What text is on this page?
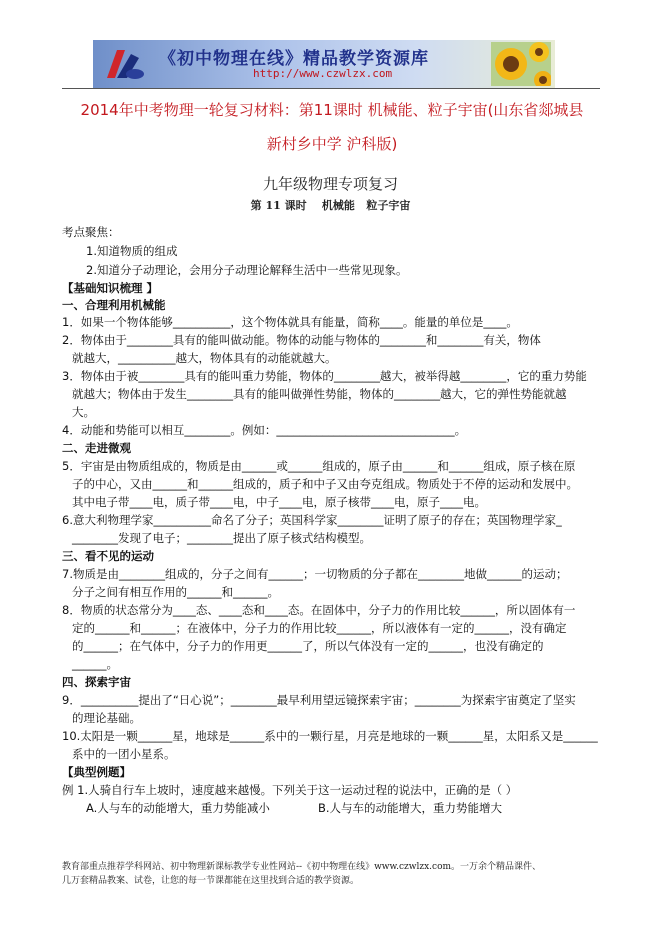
《初中物理在线》精品教学资源库
http://www.czwlzx.com
2014年中考物理一轮复习材料：第11课时 机械能、粒子宇宙(山东省郯城县
新村乡中学 沪科版)
九年级物理专项复习
第 11 课时    机械能   粒子宇宙
考点聚焦：
1.知道物质的组成
2.知道分子动理论，会用分子动理论解释生活中一些常见现象。
【基础知识梳理 】
一、合理利用机械能
1．如果一个物体能够__________，这个物体就具有能量，简称____。能量的单位是____。
2．物体由于________具有的能叫做动能。物体的动能与物体的________和________有关，物体
就越大，__________越大，物体具有的动能就越大。
3．物体由于被________具有的能叫重力势能，物体的________越大，被举得越________，它的重力势能
就越大；物体由于发生________具有的能叫做弹性势能，物体的________越大，它的弹性势能就越
大。
4．动能和势能可以相互________。例如：_______________________________。
二、走进微观
5．宇宙是由物质组成的，物质是由______或______组成的，原子由______和______组成，原子核在原
子的中心，又由______和______组成的，质子和中子又由夸克组成。物质处于不停的运动和发展中。
其中电子带____电，质子带____电，中子____电，原子核带____电，原子____电。
6.意大利物理学家__________命名了分子；英国科学家________证明了原子的存在；英国物理学家_
________发现了电子；________提出了原子核式结构模型。
三、看不见的运动
7.物质是由________组成的，分子之间有______；一切物质的分子都在________地做______的运动；
分子之间有相互作用的______和______。
8．物质的状态常分为____态、____态和____态。在固体中，分子力的作用比较______，所以固体有一
定的______和______；在液体中，分子力的作用比较______，所以液体有一定的______，没有确定
的______；在气体中，分子力的作用更______了，所以气体没有一定的______，也没有确定的
______。
四、探索宇宙
9．__________提出了“日心说”；________最早利用望远镜探索宇宙；________为探索宇宙奠定了坚实
的理论基础。
10.太阳是一颗______星，地球是______系中的一颗行星，月亮是地球的一颗______星，太阳系又是______
系中的一团小星系。
【典型例题】
例 1.人骑自行车上坡时，速度越来越慢。下列关于这一运动过程的说法中，正确的是（ ）
A.人与车的动能增大，重力势能减小	B.人与车的动能增大，重力势能增大
教育部重点推荐学科网站、初中物理新课标教学专业性网站--《初中物理在线》www.czwlzx.com。一万余个精品课件、
几万套精品教案、试卷，让您的每一节课都能在这里找到合适的教学资源。
